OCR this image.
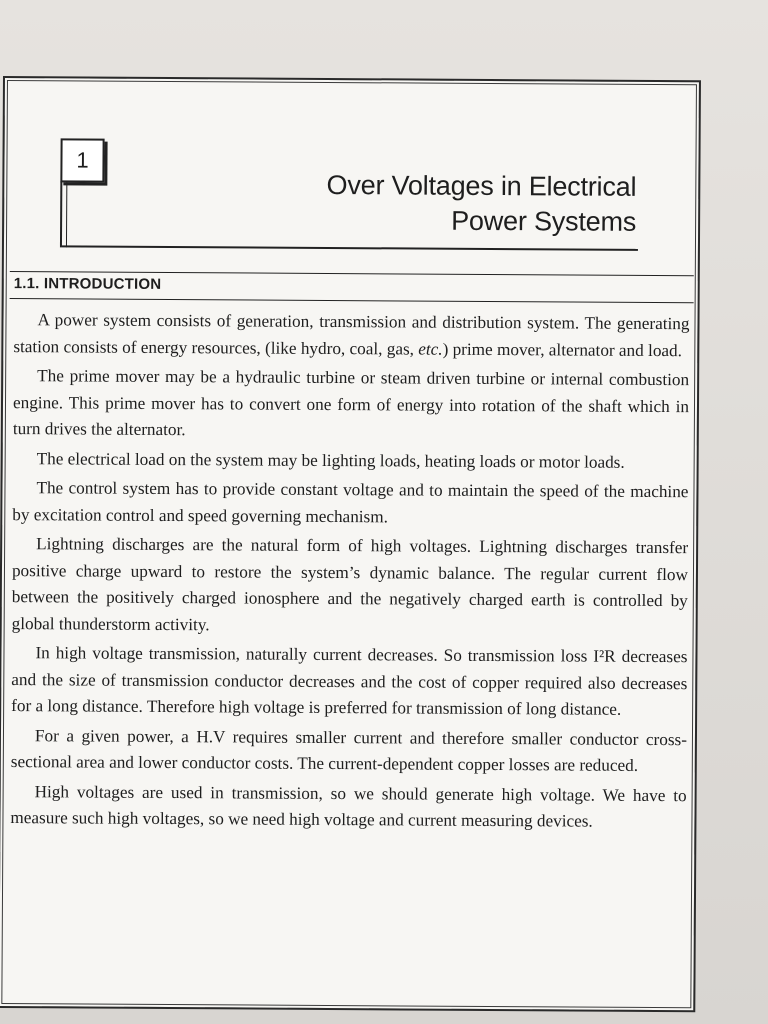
1
Over Voltages in Electrical
Power Systems
1.1. INTRODUCTION

A power system consists of generation, transmission and distribution system. The generating station consists of energy resources, (like hydro, coal, gas, etc.) prime mover, alternator and load.

The prime mover may be a hydraulic turbine or steam driven turbine or internal combustion engine. This prime mover has to convert one form of energy into rotation of the shaft which in turn drives the alternator.

The electrical load on the system may be lighting loads, heating loads or motor loads.

The control system has to provide constant voltage and to maintain the speed of the machine by excitation control and speed governing mechanism.

Lightning discharges are the natural form of high voltages. Lightning discharges transfer positive charge upward to restore the system’s dynamic balance. The regular current flow between the positively charged ionosphere and the negatively charged earth is controlled by global thunderstorm activity.

In high voltage transmission, naturally current decreases. So transmission loss I²R decreases and the size of transmission conductor decreases and the cost of copper required also decreases for a long distance. Therefore high voltage is preferred for transmission of long distance.

For a given power, a H.V requires smaller current and therefore smaller conductor cross-sectional area and lower conductor costs. The current-dependent copper losses are reduced.

High voltages are used in transmission, so we should generate high voltage. We have to measure such high voltages, so we need high voltage and current measuring devices.
